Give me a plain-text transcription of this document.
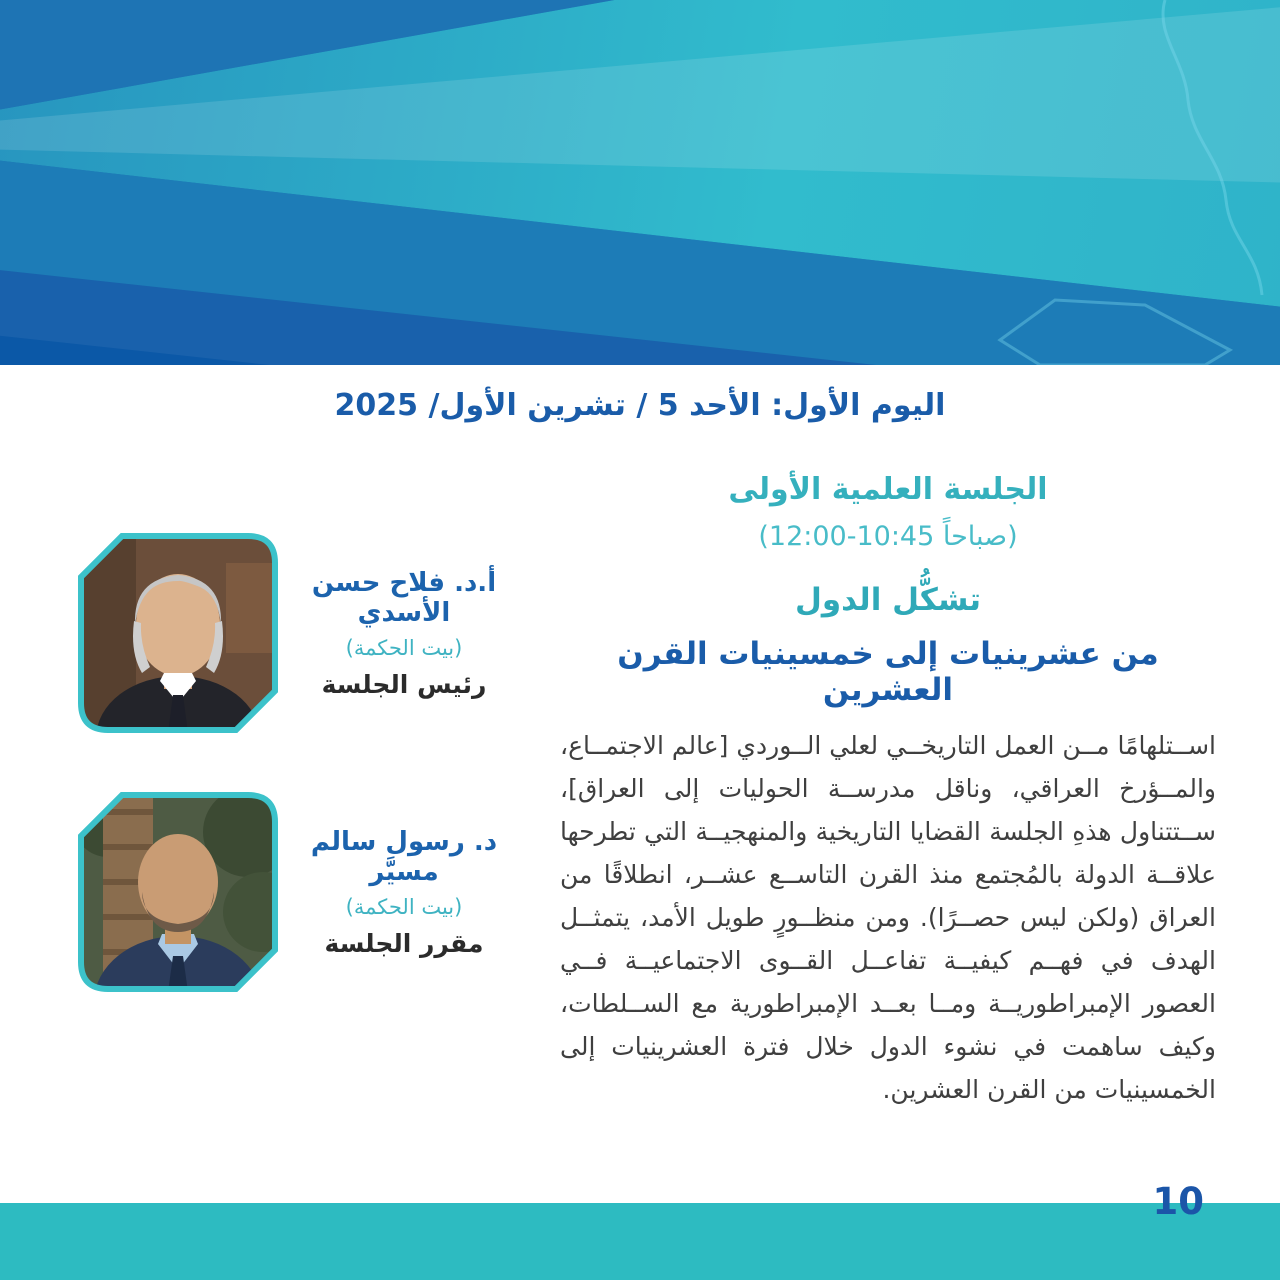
اليوم الأول: الأحد 5 / تشرين الأول/ 2025
الجلسة العلمية الأولى
(12:00-10:45 صباحاً)
تشكُّل الدول
من عشرينيات إلى خمسينيات القرن العشرين

اســتلهامًا مــن العمل التاريخــي لعلي الــوردي [عالم الاجتمــاع، والمــؤرخ العراقي، وناقل مدرســة الحوليات إلى العراق]، ســتتناول هذهِ الجلسة القضايا التاريخية والمنهجيــة التي تطرحها علاقــة الدولة بالمُجتمع منذ القرن التاســع عشــر، انطلاقًا من العراق (ولكن ليس حصــرًا). ومن منظــورٍ طويل الأمد، يتمثــل الهدف في فهــم كيفيــة تفاعــل القــوى الاجتماعيــة فــي العصور الإمبراطوريــة ومــا بعــد الإمبراطورية مع الســلطات، وكيف ساهمت في نشوء الدول خلال فترة العشرينيات إلى الخمسينيات من القرن العشرين.

أ.د. فلاح حسن الأسدي

(بيت الحكمة)

رئيس الجلسة

د. رسول سالم مسيَّر

(بيت الحكمة)

مقرر الجلسة

10
